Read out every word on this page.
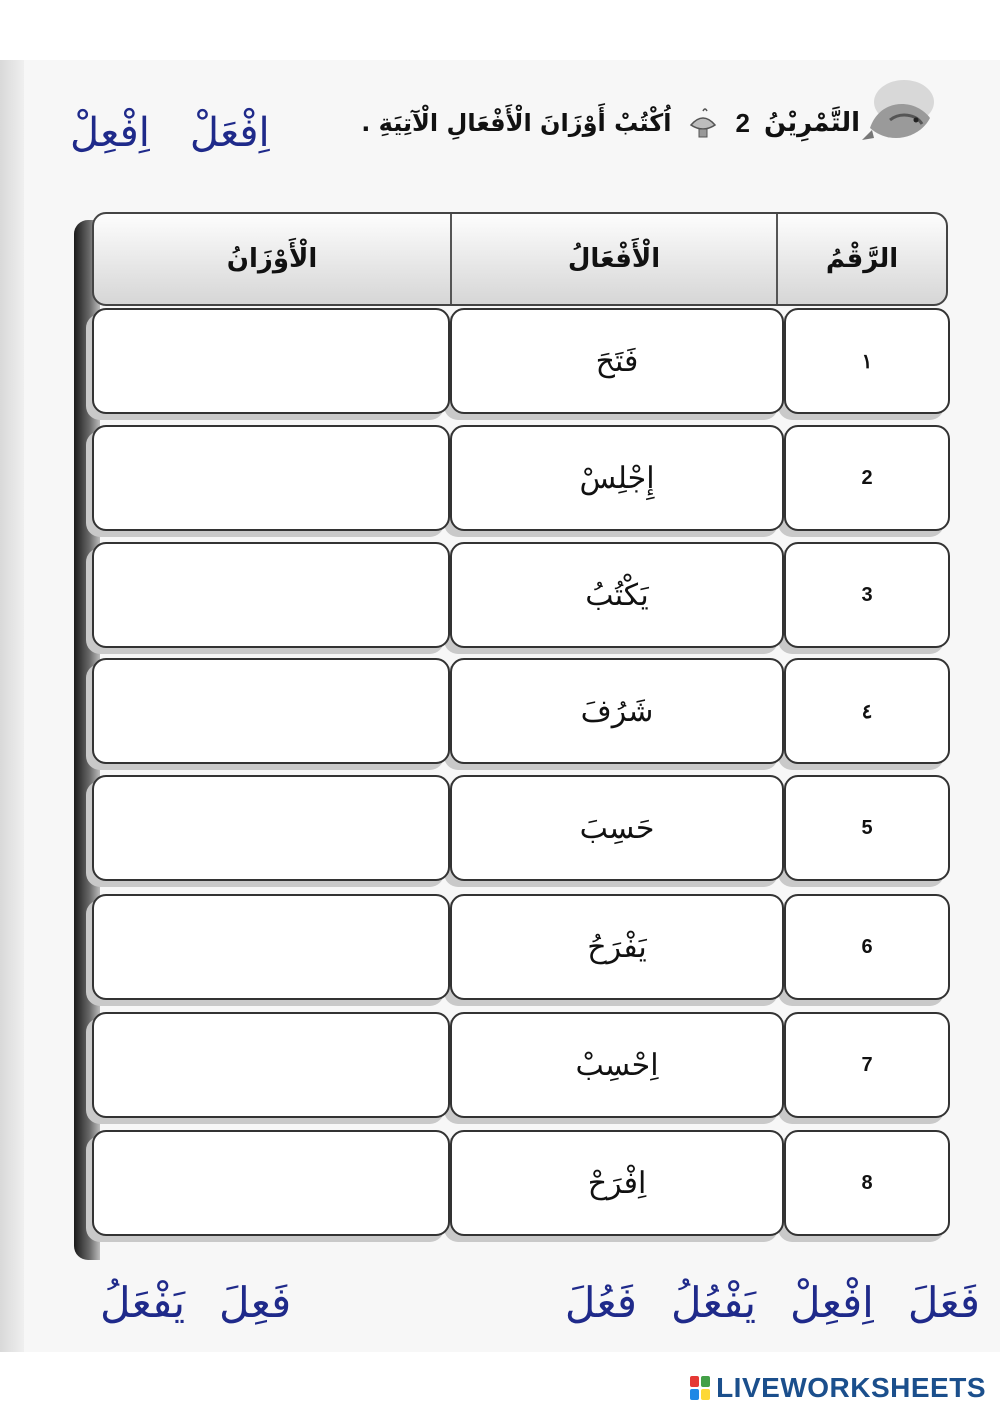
التَّمْرِيْنُ
2
اُكْتُبْ أَوْزَانَ الْأَفْعَالِ الْآتِيَةِ .
اِفْعَلْ
اِفْعِلْ
الرَّقْمُ
الْأَفْعَالُ
الْأَوْزَانُ
١
فَتَحَ
2
إِجْلِسْ
3
يَكْتُبُ
٤
شَرُفَ
5
حَسِبَ
6
يَفْرَحُ
7
اِحْسِبْ
8
اِفْرَحْ
فَعَلَ
اِفْعِلْ
يَفْعُلُ
فَعُلَ
فَعِلَ
يَفْعَلُ
LIVEWORKSHEETS
